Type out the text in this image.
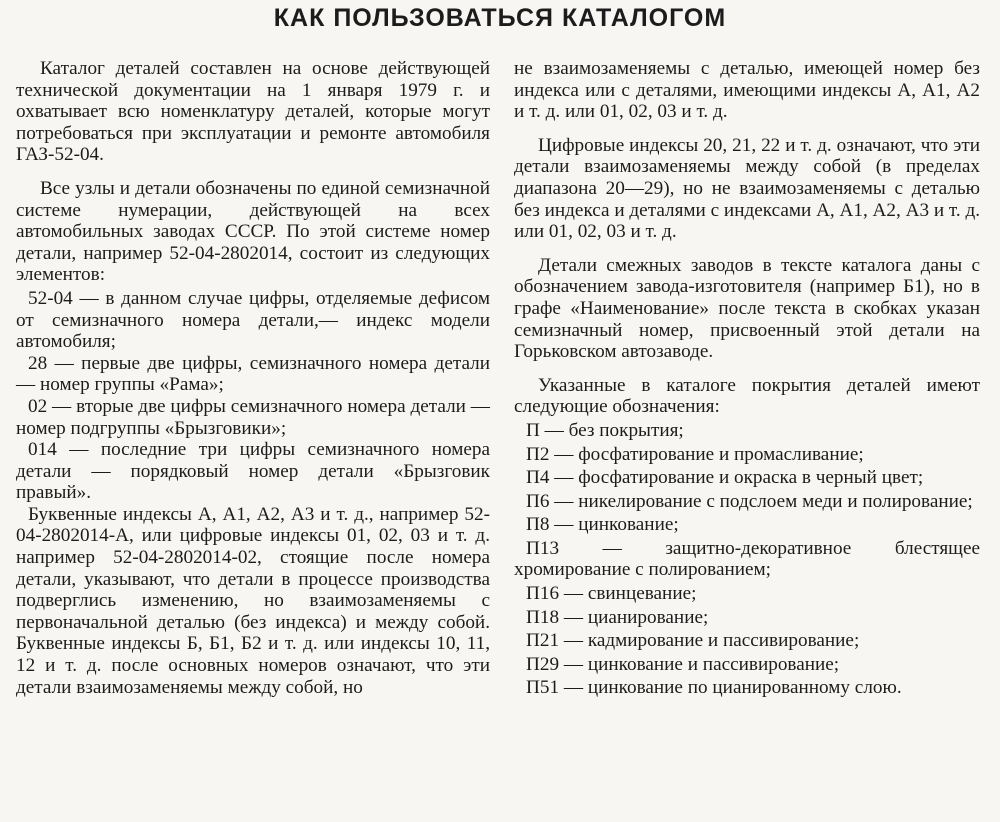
КАК ПОЛЬЗОВАТЬСЯ КАТАЛОГОМ

Каталог деталей составлен на основе действующей технической документации на 1 января 1979 г. и охватывает всю номенклатуру деталей, которые могут потребоваться при эксплуатации и ремонте автомобиля ГАЗ-52-04.

Все узлы и детали обозначены по единой семизначной системе нумерации, действующей на всех автомобильных заводах СССР. По этой системе номер детали, например 52-04-2802014, состоит из следующих элементов:

52-04 — в данном случае цифры, отделяемые дефисом от семизначного номера детали,— индекс модели автомобиля;

28 — первые две цифры, семизначного номера детали — номер группы «Рама»;

02 — вторые две цифры семизначного номера детали — номер подгруппы «Брызговики»;

014 — последние три цифры семизначного номера детали — порядковый номер детали «Брызговик правый».

Буквенные индексы А, А1, А2, А3 и т. д., например 52-04-2802014-А, или цифровые индексы 01, 02, 03 и т. д. например 52-04-2802014-02, стоящие после номера детали, указывают, что детали в процессе производства подверглись изменению, но взаимозаменяемы с первоначальной деталью (без индекса) и между собой. Буквенные индексы Б, Б1, Б2 и т. д. или индексы 10, 11, 12 и т. д. после основных номеров означают, что эти детали взаимозаменяемы между собой, но

не взаимозаменяемы с деталью, имеющей номер без индекса или с деталями, имеющими индексы А, А1, А2 и т. д. или 01, 02, 03 и т. д.

Цифровые индексы 20, 21, 22 и т. д. означают, что эти детали взаимозаменяемы между собой (в пределах диапазона 20—29), но не взаимозаменяемы с деталью без индекса и деталями с индексами А, А1, А2, А3 и т. д. или 01, 02, 03 и т. д.

Детали смежных заводов в тексте каталога даны с обозначением завода-изготовителя (например Б1), но в графе «Наименование» после текста в скобках указан семизначный номер, присвоенный этой детали на Горьковском автозаводе.

Указанные в каталоге покрытия деталей имеют следующие обозначения:

П — без покрытия;

П2 — фосфатирование и промасливание;

П4 — фосфатирование и окраска в черный цвет;

П6 — никелирование с подслоем меди и полирование;

П8 — цинкование;

П13 — защитно-декоративное блестящее хромирование с полированием;

П16 — свинцевание;

П18 — цианирование;

П21 — кадмирование и пассивирование;

П29 — цинкование и пассивирование;

П51 — цинкование по цианированному слою.
